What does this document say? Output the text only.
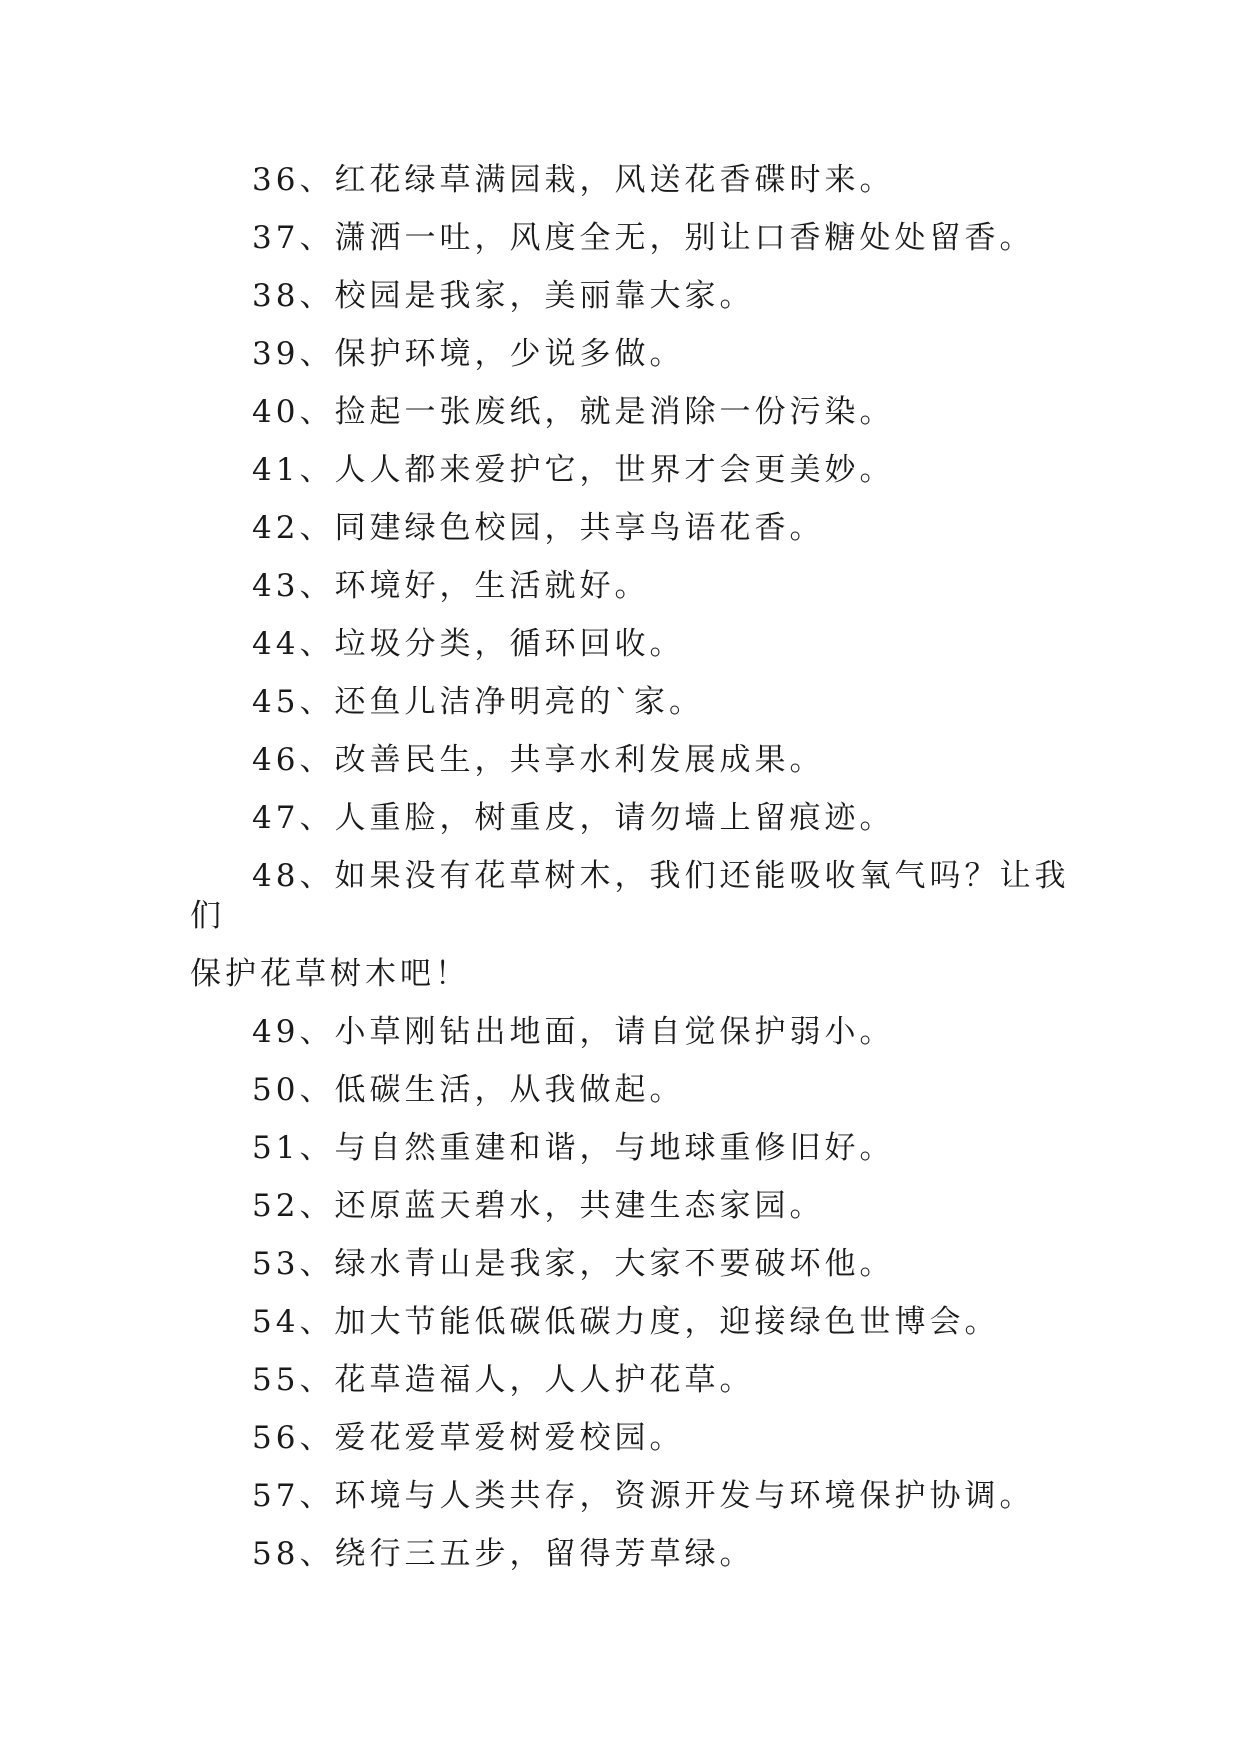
36、红花绿草满园栽，风送花香碟时来。

37、潇洒一吐，风度全无，别让口香糖处处留香。

38、校园是我家，美丽靠大家。

39、保护环境，少说多做。

40、捡起一张废纸，就是消除一份污染。

41、人人都来爱护它，世界才会更美妙。

42、同建绿色校园，共享鸟语花香。

43、环境好，生活就好。

44、垃圾分类，循环回收。

45、还鱼儿洁净明亮的`家。

46、改善民生，共享水利发展成果。

47、人重脸，树重皮，请勿墙上留痕迹。

48、如果没有花草树木，我们还能吸收氧气吗？让我们
保护花草树木吧！

49、小草刚钻出地面，请自觉保护弱小。

50、低碳生活，从我做起。

51、与自然重建和谐，与地球重修旧好。

52、还原蓝天碧水，共建生态家园。

53、绿水青山是我家，大家不要破坏他。

54、加大节能低碳低碳力度，迎接绿色世博会。

55、花草造福人，人人护花草。

56、爱花爱草爱树爱校园。

57、环境与人类共存，资源开发与环境保护协调。

58、绕行三五步，留得芳草绿。
